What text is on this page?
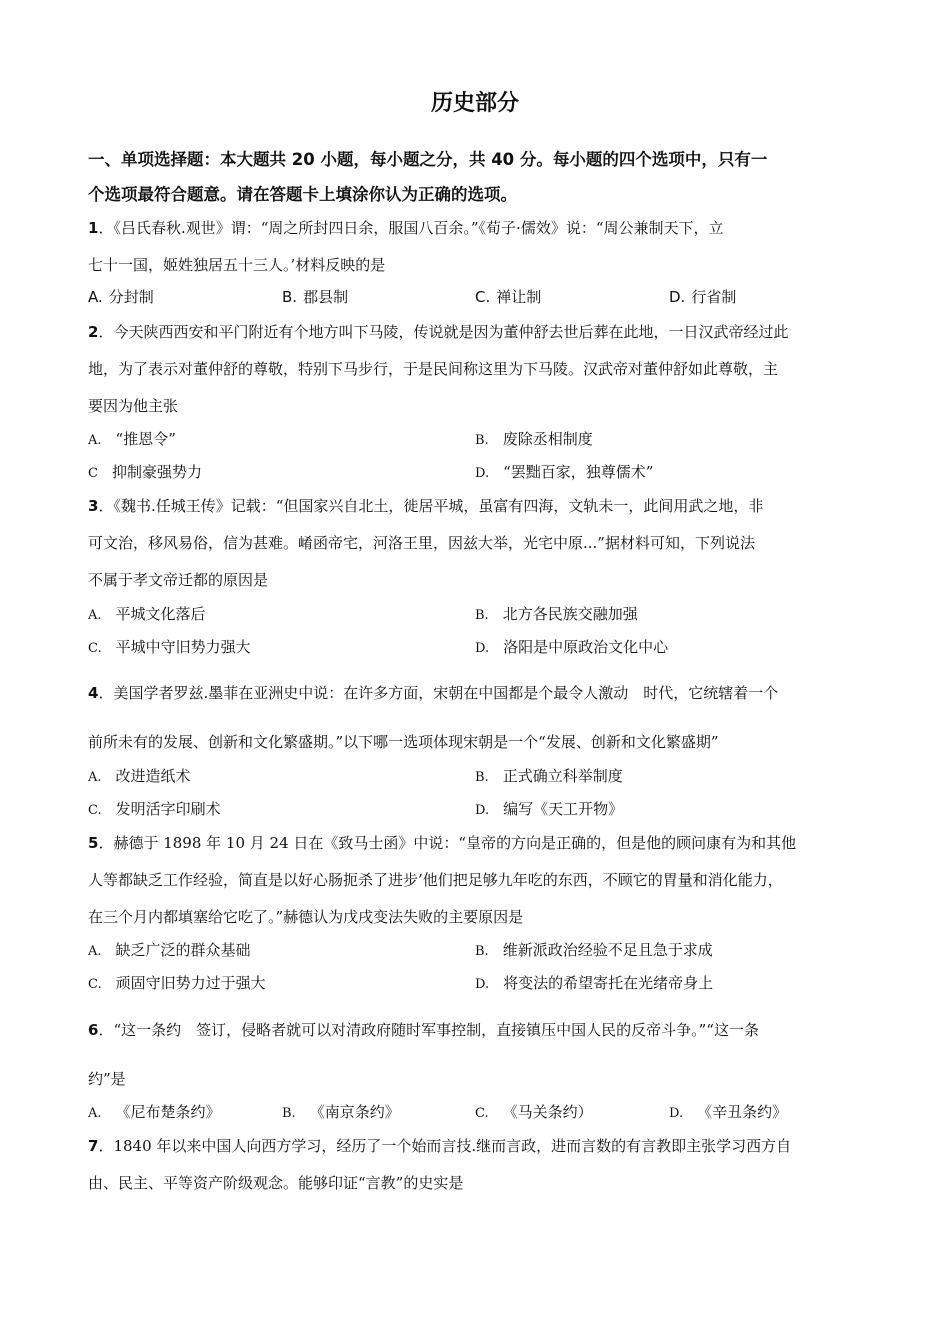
历史部分
一、单项选择题：本大题共 20 小题，每小题之分，共 40 分。每小题的四个选项中，只有一
个选项最符合题意。请在答题卡上填涂你认为正确的选项。
1．《吕氏春秋.观世》谓：“周之所封四日余，服国八百余。”《荀子·儒效》说：“周公兼制天下，立
七十一国，姬姓独居五十三人。’材料反映的是
A. 分封制	B. 郡县制	C. 禅让制	D. 行省制
2．今天陕西西安和平门附近有个地方叫下马陵，传说就是因为董仲舒去世后葬在此地，一日汉武帝经过此
地，为了表示对董仲舒的尊敬，特别下马步行，于是民间称这里为下马陵。汉武帝对董仲舒如此尊敬，主
要因为他主张
A. “推恩令”	B. 废除丞相制度
C 抑制豪强势力	D. “罢黜百家，独尊儒术”
3．《魏书.任城王传》记载：“但国家兴自北土，徙居平城，虽富有四海，文轨未一，此间用武之地，非
可文治，移风易俗，信为甚难。崤函帝宅，河洛王里，因兹大举，光宅中原...”据材料可知，下列说法
不属于孝文帝迁都的原因是
A. 平城文化落后	B. 北方各民族交融加强
C. 平城中守旧势力强大	D. 洛阳是中原政治文化中心
4．美国学者罗兹.墨菲在亚洲史中说：在许多方面，宋朝在中国都是个最令人激动　时代，它统辖着一个
前所未有的发展、创新和文化繁盛期。”以下哪一选项体现宋朝是一个“发展、创新和文化繁盛期”
A. 改进造纸术	B. 正式确立科举制度
C. 发明活字印刷术	D. 编写《天工开物》
5．赫德于 1898 年 10 月 24 日在《致马士函》中说：“皇帝的方向是正确的，但是他的顾问康有为和其他
人等都缺乏工作经验，简直是以好心肠扼杀了进步’他们把足够九年吃的东西，不顾它的胃量和消化能力，
在三个月内都填塞给它吃了。”赫德认为戊戌变法失败的主要原因是
A. 缺乏广泛的群众基础	B. 维新派政治经验不足且急于求成
C. 顽固守旧势力过于强大	D. 将变法的希望寄托在光绪帝身上
6．“这一条约　签订，侵略者就可以对清政府随时军事控制，直接镇压中国人民的反帝斗争。”“这一条
约”是
A. 《尼布楚条约》	B. 《南京条约》	C. 《马关条约）	D. 《辛丑条约》
7．1840 年以来中国人向西方学习，经历了一个始而言技.继而言政，进而言数的有言教即主张学习西方自
由、民主、平等资产阶级观念。能够印证“言教”的史实是
